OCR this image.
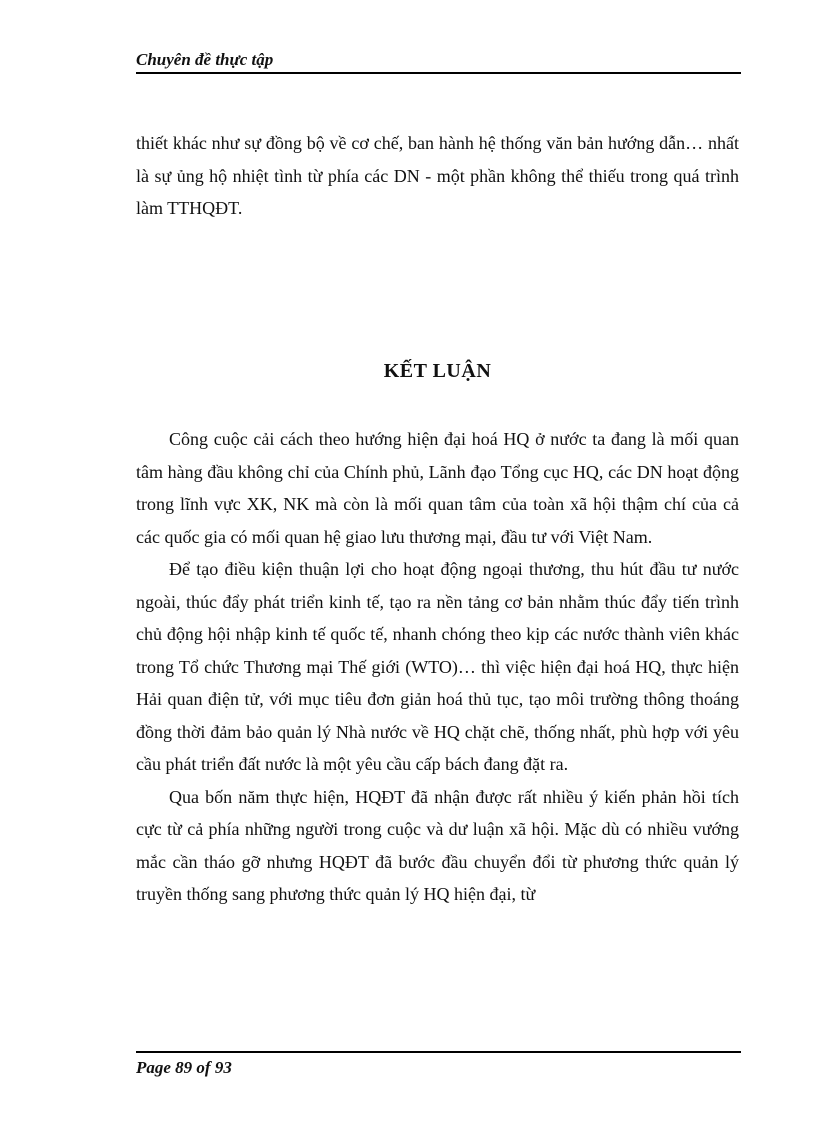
Chuyên đề thực tập

thiết khác như sự đồng bộ về cơ chế, ban hành hệ thống văn bản hướng dẫn… nhất là sự ủng hộ nhiệt tình từ phía các DN - một phần không thể thiếu trong quá trình làm TTHQĐT.

KẾT LUẬN

Công cuộc cải cách theo hướng hiện đại hoá HQ ở nước ta đang là mối quan tâm hàng đầu không chỉ của Chính phủ, Lãnh đạo Tổng cục HQ, các DN hoạt động trong lĩnh vực XK, NK mà còn là mối quan tâm của toàn xã hội thậm chí của cả các quốc gia có mối quan hệ giao lưu thương mại, đầu tư với Việt Nam.

Để tạo điều kiện thuận lợi cho hoạt động ngoại thương, thu hút đầu tư nước ngoài, thúc đẩy phát triển kinh tế, tạo ra nền tảng cơ bản nhằm thúc đẩy tiến trình chủ động hội nhập kinh tế quốc tế, nhanh chóng theo kịp các nước thành viên khác trong Tổ chức Thương mại Thế giới (WTO)… thì việc hiện đại hoá HQ, thực hiện Hải quan điện tử, với mục tiêu đơn giản hoá thủ tục, tạo môi trường thông thoáng đồng thời đảm bảo quản lý Nhà nước về HQ chặt chẽ, thống nhất, phù hợp với yêu cầu phát triển đất nước là một yêu cầu cấp bách đang đặt ra.

Qua bốn năm thực hiện, HQĐT đã nhận được rất nhiều ý kiến phản hồi tích cực từ cả phía những người trong cuộc và dư luận xã hội. Mặc dù có nhiều vướng mắc cần tháo gỡ nhưng HQĐT đã bước đầu chuyển đổi từ phương thức quản lý truyền thống sang phương thức quản lý HQ hiện đại, từ

Page 89 of 93
